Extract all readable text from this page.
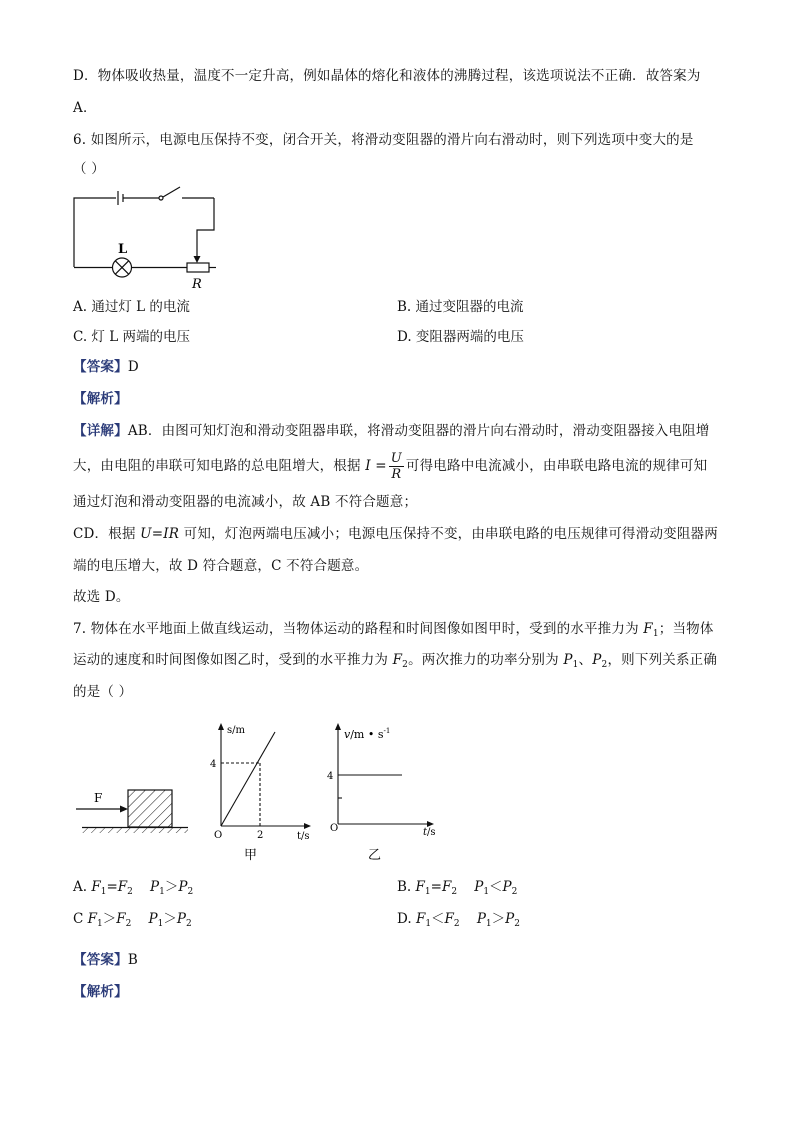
D．物体吸收热量，温度不一定升高，例如晶体的熔化和液体的沸腾过程，该选项说法不正确．故答案为
A．
6. 如图所示，电源电压保持不变，闭合开关，将滑动变阻器的滑片向右滑动时，则下列选项中变大的是
（ ）
L
R
A. 通过灯 L 的电流	B. 通过变阻器的电流
C. 灯 L 两端的电压	D. 变阻器两端的电压
【答案】D
【解析】
【详解】AB．由图可知灯泡和滑动变阻器串联，将滑动变阻器的滑片向右滑动时，滑动变阻器接入电阻增
大，由电阻的串联可知电路的总电阻增大，根据 $I = \frac{U}{R}$ 可得电路中电流减小，由串联电路电流的规律可知
通过灯泡和滑动变阻器的电流减小，故 AB 不符合题意；
CD．根据 U=IR 可知，灯泡两端电压减小；电源电压保持不变，由串联电路的电压规律可得滑动变阻器两
端的电压增大，故 D 符合题意，C 不符合题意。
故选 D。
7. 物体在水平地面上做直线运动，当物体运动的路程和时间图像如图甲时，受到的水平推力为 $F_1$；当物体
运动的速度和时间图像如图乙时，受到的水平推力为 $F_2$。两次推力的功率分别为 $P_1$、$P_2$，则下列关系正确
的是（ ）
F
s/m
t/s
O	2
4
甲
v/m • $s^{-1}$
t/s
O
4
乙
A. $F_1=F_2$ $P_1>P_2$	B. $F_1=F_2$ $P_1<P_2$
C $F_1>F_2$ $P_1>P_2$	D. $F_1<F_2$ $P_1>P_2$
【答案】B
【解析】
